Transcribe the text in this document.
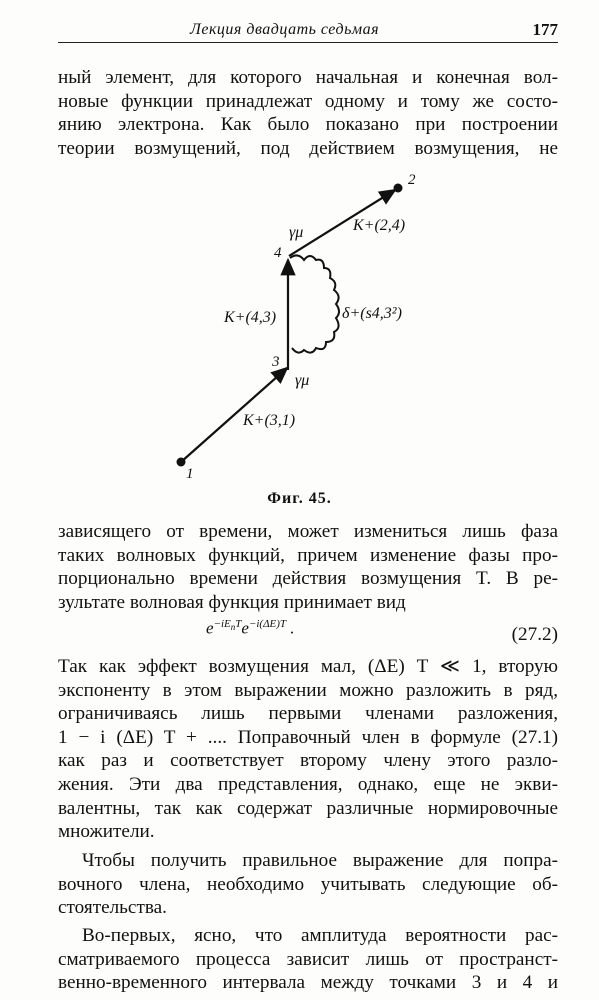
Лекция двадцать седьмая	177
ный элемент, для которого начальная и конечная вол-
новые функции принадлежат одному и тому же состо-
янию электрона. Как было показано при построении
теории возмущений, под действием возмущения, не
1
2
3
4
γμ
γμ
K+(2,4)
K+(4,3)
K+(3,1)
δ+(s4,3²)
Фиг. 45.
зависящего от времени, может измениться лишь фаза
таких волновых функций, причем изменение фазы про-
порционально времени действия возмущения T. В ре-
зультате волновая функция принимает вид
$e^{-iE_nT}e^{-i(\Delta E)T}$ .	(27.2)
Так как эффект возмущения мал, (ΔE) T ≪ 1, вторую
экспоненту в этом выражении можно разложить в ряд,
ограничиваясь лишь первыми членами разложения,
1 − i (ΔE) T + .... Поправочный член в формуле (27.1)
как раз и соответствует второму члену этого разло-
жения. Эти два представления, однако, еще не экви-
валентны, так как содержат различные нормировочные
множители.
Чтобы получить правильное выражение для попра-
вочного члена, необходимо учитывать следующие об-
стоятельства.
Во-первых, ясно, что амплитуда вероятности рас-
сматриваемого процесса зависит лишь от пространст-
венно-временного интервала между точками 3 и 4 и
